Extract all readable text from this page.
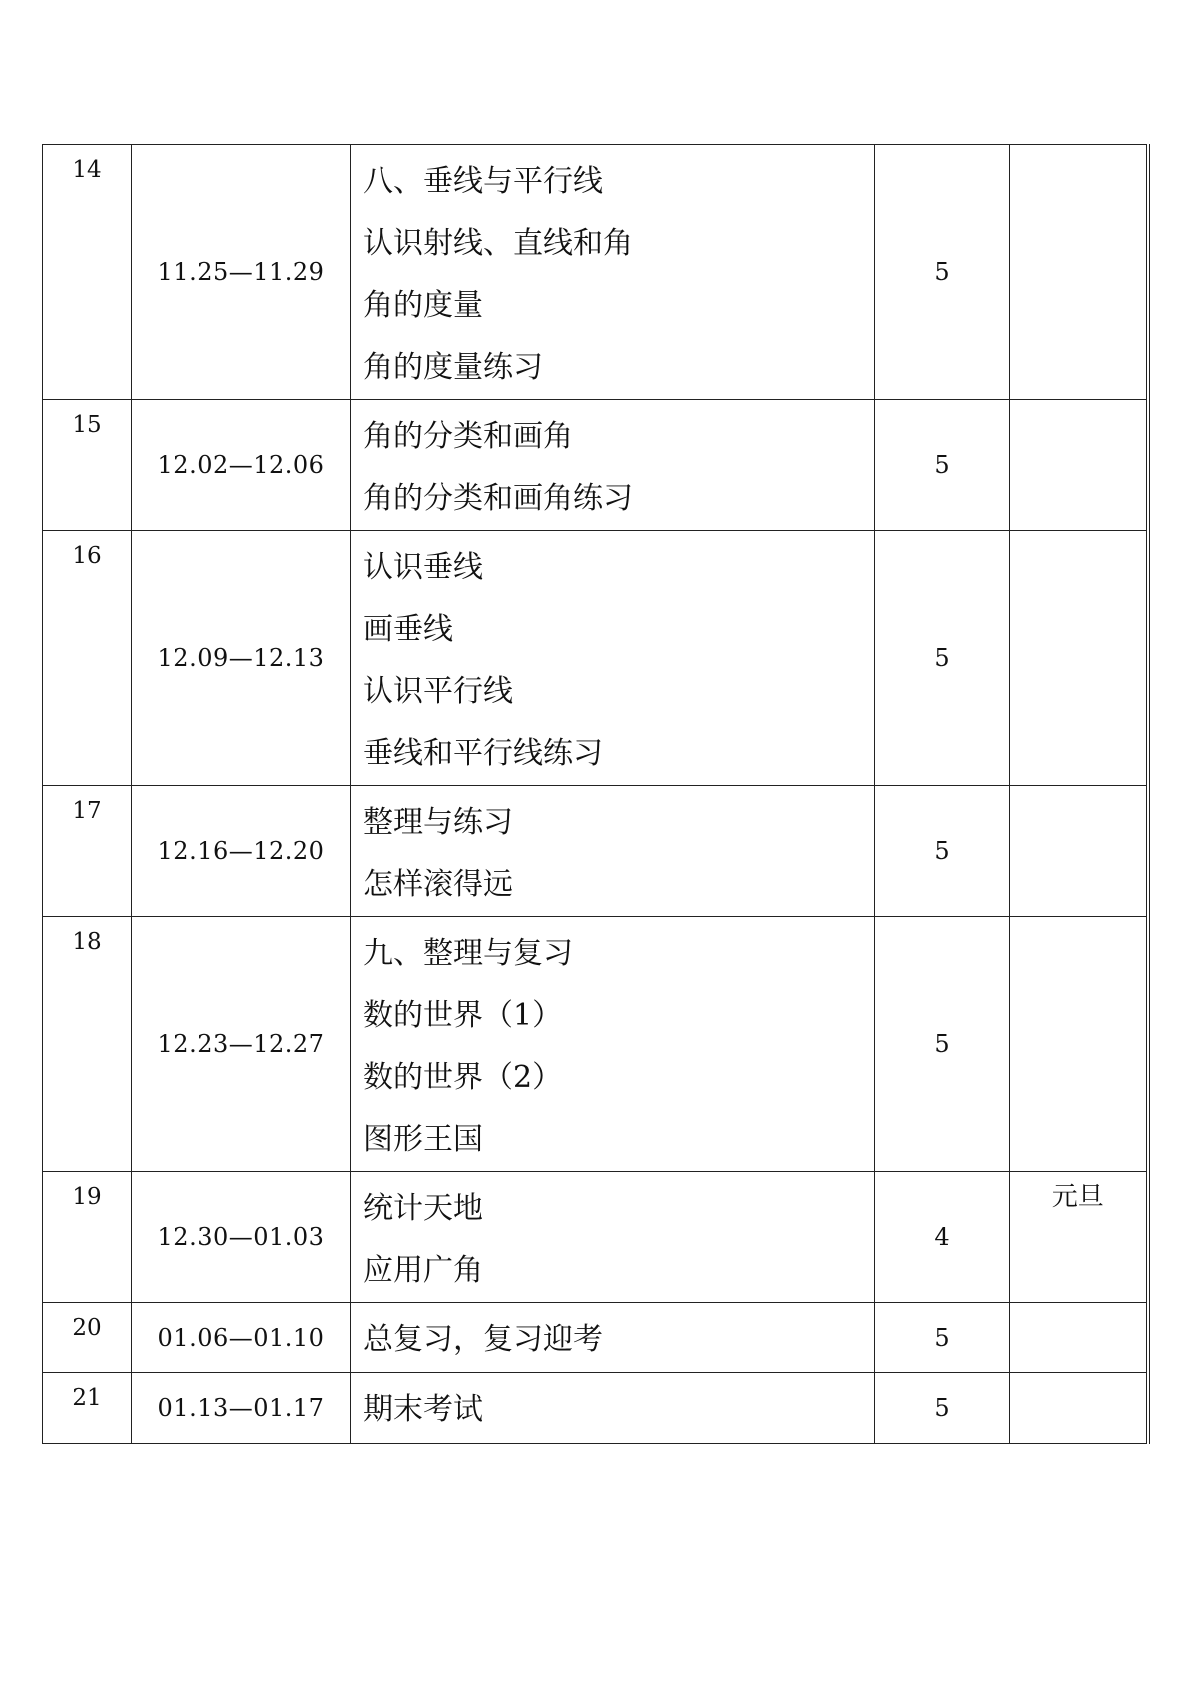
14	11.25—11.29	八、垂线与平行线
认识射线、直线和角
角的度量
角的度量练习	5	

15	12.02—12.06	角的分类和画角
角的分类和画角练习	5	

16	12.09—12.13	认识垂线
画垂线
认识平行线
垂线和平行线练习	5	

17	12.16—12.20	整理与练习
怎样滚得远	5	

18	12.23—12.27	九、整理与复习
数的世界（1）
数的世界（2）
图形王国	5	

19	12.30—01.03	统计天地
应用广角	4	元旦

20	01.06—01.10	总复习，复习迎考	5	

21	01.13—01.17	期末考试	5	
